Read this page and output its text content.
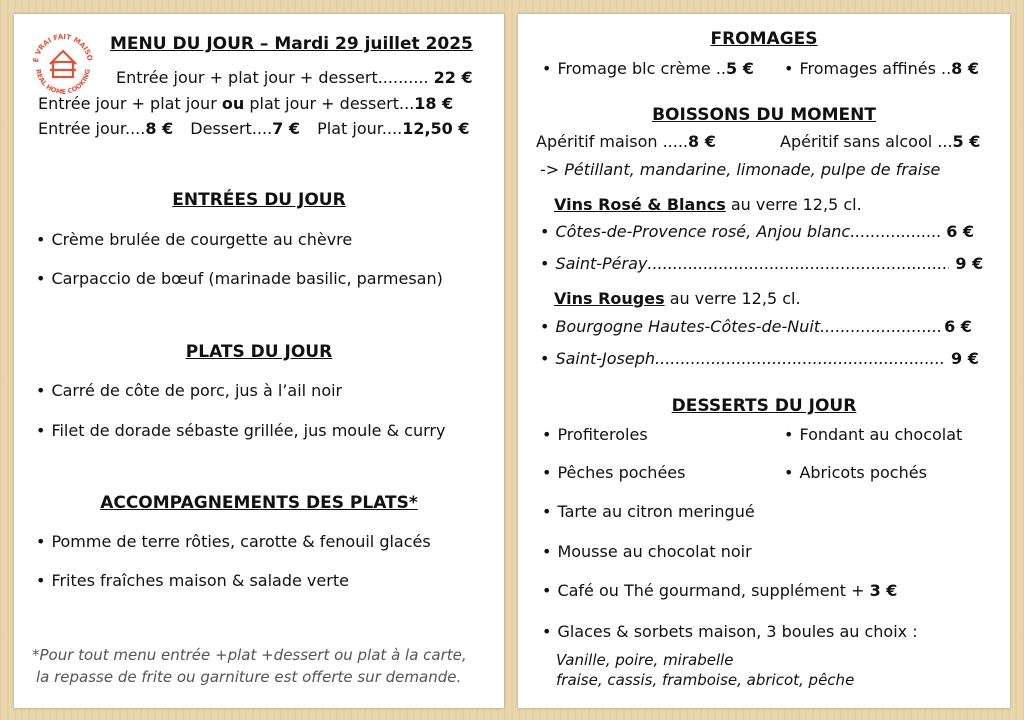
E VRAI FAIT MAISO
REAL HOME COOKING
MENU DU JOUR – Mardi 29 juillet 2025
Entrée jour + plat jour + dessert.......... 22 €
Entrée jour + plat jour ou plat jour + dessert...18 €
Entrée jour....8 € Dessert....7 € Plat jour....12,50 €
ENTRÉES DU JOUR
• Crème brulée de courgette au chèvre
• Carpaccio de bœuf (marinade basilic, parmesan)
PLATS DU JOUR
• Carré de côte de porc, jus à l’ail noir
• Filet de dorade sébaste grillée, jus moule & curry
ACCOMPAGNEMENTS DES PLATS*
• Pomme de terre rôties, carotte & fenouil glacés
• Frites fraîches maison & salade verte
*Pour tout menu entrée +plat +dessert ou plat à la carte,
la repasse de frite ou garniture est offerte sur demande.
FROMAGES
• Fromage blc crème ..5 €	• Fromages affinés ..8 €
BOISSONS DU MOMENT
Apéritif maison .....8 €	Apéritif sans alcool ...5 €
-> Pétillant, mandarine, limonade, pulpe de fraise
Vins Rosé & Blancs au verre 12,5 cl.
• Côtes-de-Provence rosé, Anjou blanc .....	6 €
• Saint-Péray .....	9 €
Vins Rouges au verre 12,5 cl.
• Bourgogne Hautes-Côtes-de-Nuit .....	6 €
• Saint-Joseph .....	9 €
DESSERTS DU JOUR
• Profiteroles	• Fondant au chocolat
• Pêches pochées	• Abricots pochés
• Tarte au citron meringué
• Mousse au chocolat noir
• Café ou Thé gourmand, supplément + 3 €
• Glaces & sorbets maison, 3 boules au choix :
Vanille, poire, mirabelle
fraise, cassis, framboise, abricot, pêche
